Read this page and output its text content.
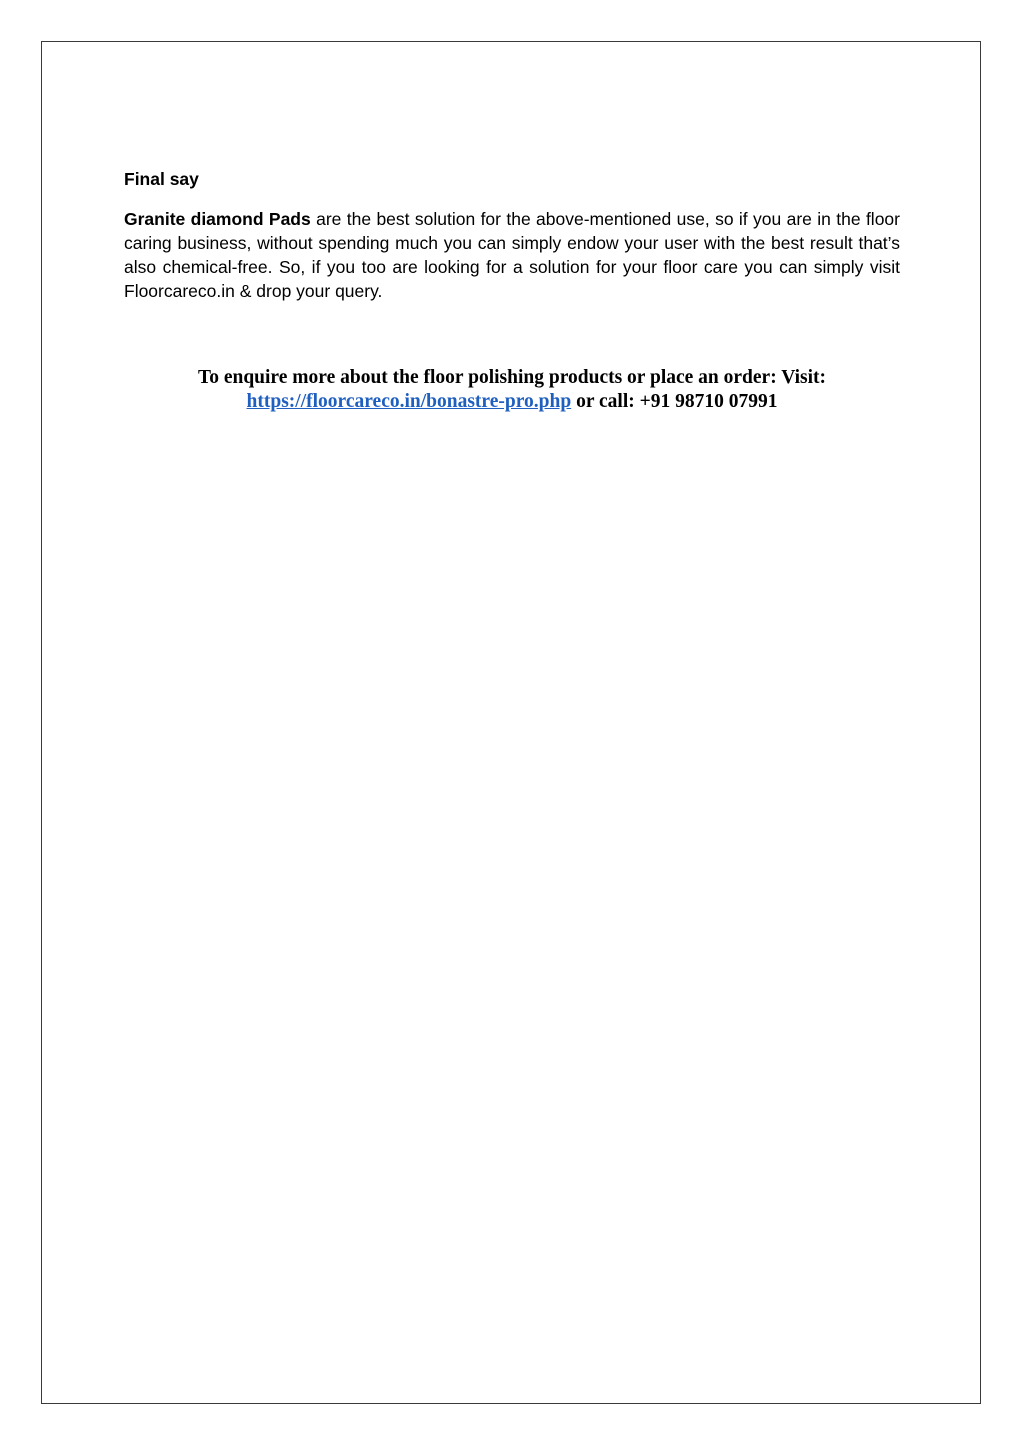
Final say

Granite diamond Pads are the best solution for the above-mentioned use, so if you are in the floor caring business, without spending much you can simply endow your user with the best result that’s also chemical-free. So, if you too are looking for a solution for your floor care you can simply visit Floorcareco.in & drop your query.

To enquire more about the floor polishing products or place an order: Visit:
https://floorcareco.in/bonastre-pro.php or call: +91 98710 07991
